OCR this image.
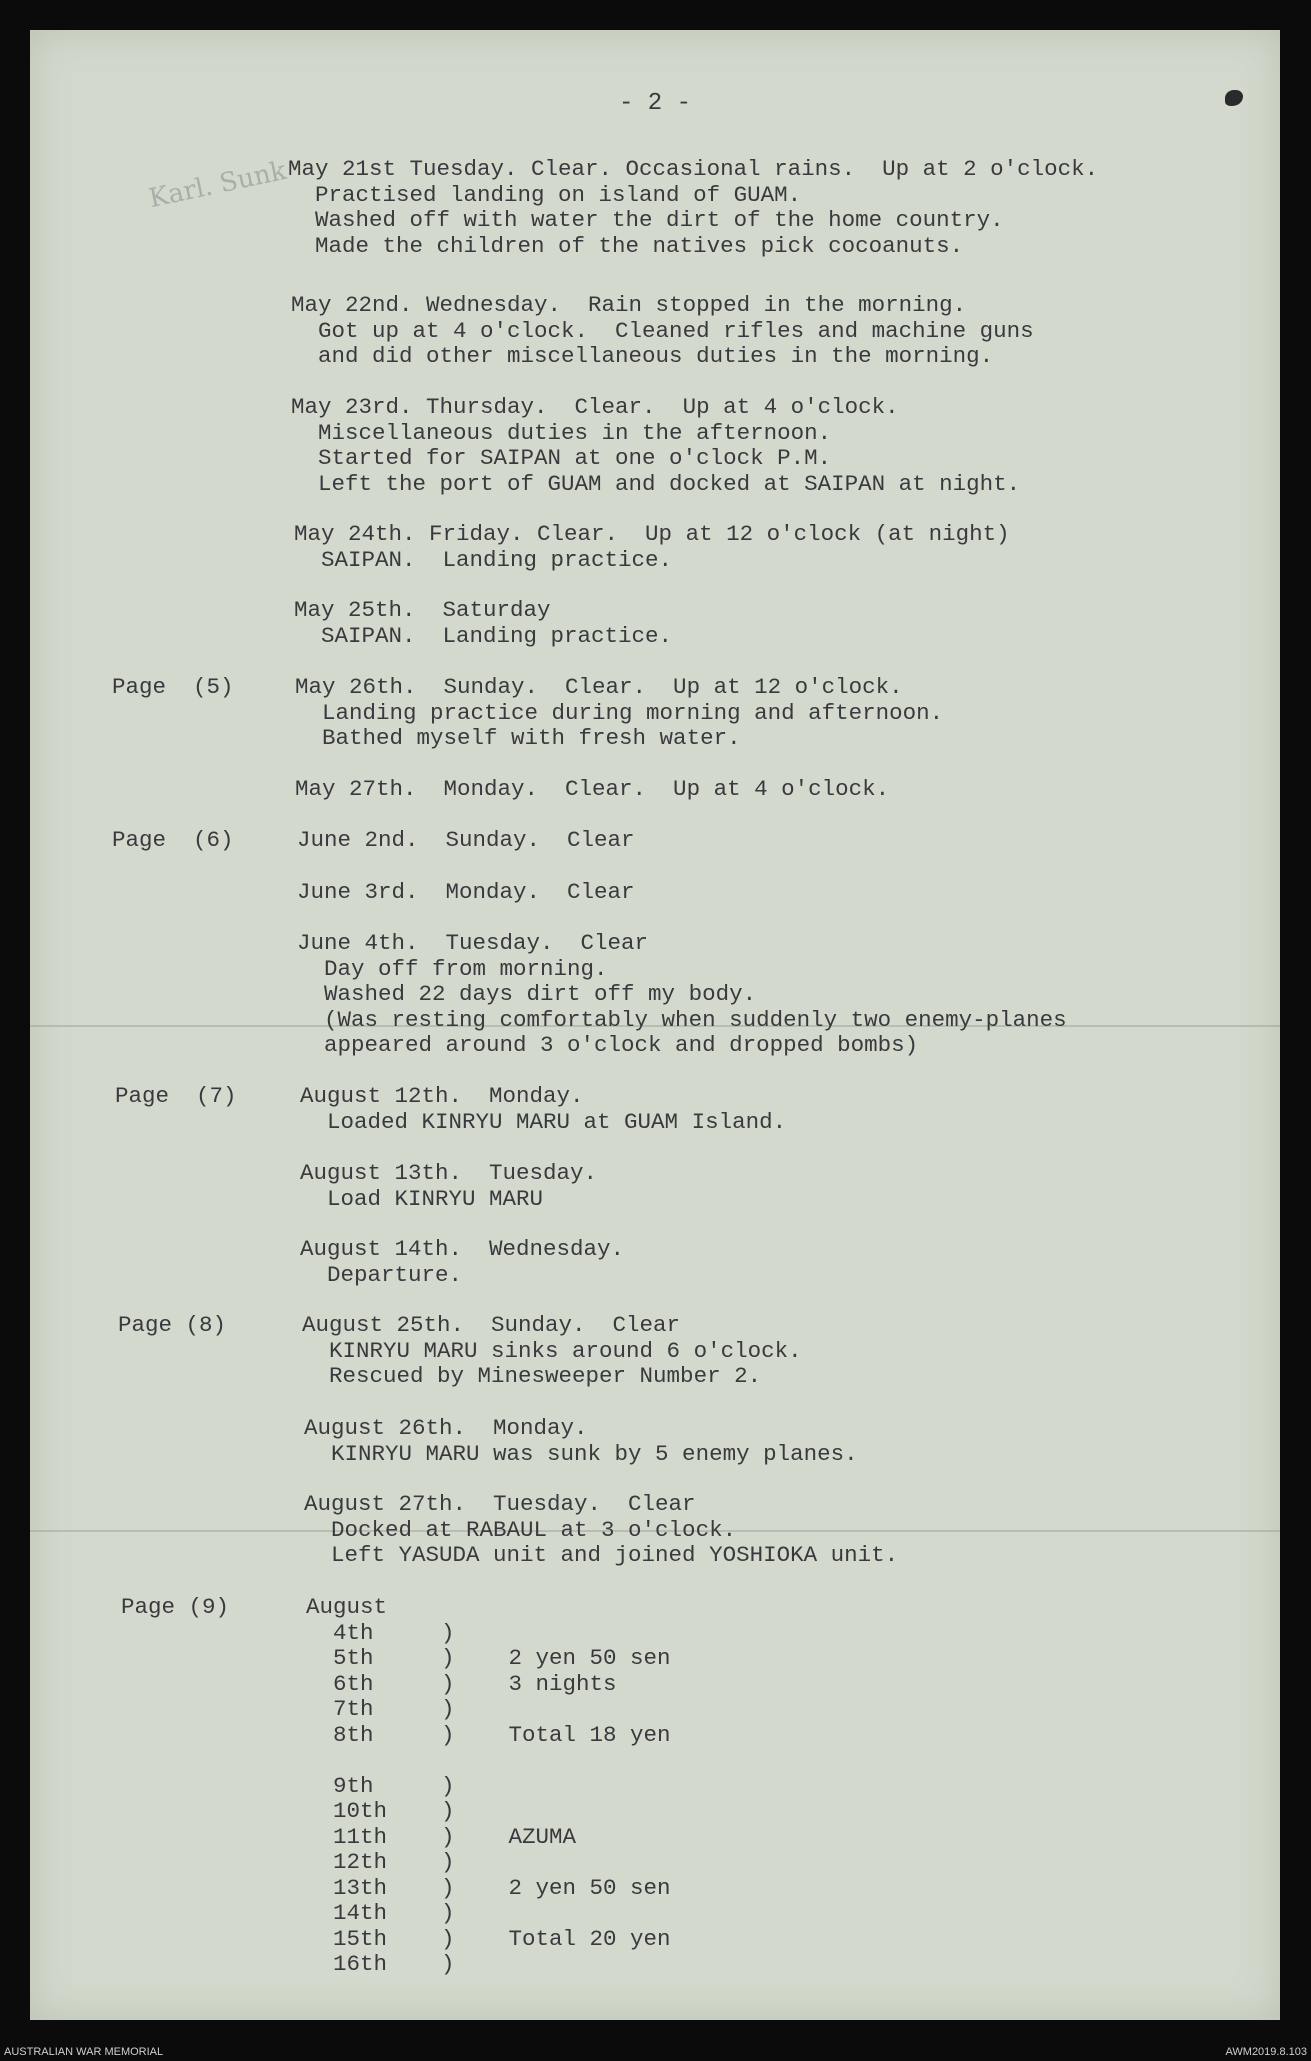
- 2 -

Karl. Sunk May 21st Tuesday. Clear. Occasional rains.  Up at 2 o'clock.
Practised landing on island of GUAM.
Washed off with water the dirt of the home country.
Made the children of the natives pick cocoanuts.

May 22nd. Wednesday.  Rain stopped in the morning.
Got up at 4 o'clock.  Cleaned rifles and machine guns
and did other miscellaneous duties in the morning.

May 23rd. Thursday.  Clear.  Up at 4 o'clock.
Miscellaneous duties in the afternoon.
Started for SAIPAN at one o'clock P.M.
Left the port of GUAM and docked at SAIPAN at night.

May 24th. Friday. Clear.  Up at 12 o'clock (at night)
SAIPAN.  Landing practice.

May 25th.  Saturday
SAIPAN.  Landing practice.

Page  (5)	May 26th.  Sunday.  Clear.  Up at 12 o'clock.
Landing practice during morning and afternoon.
Bathed myself with fresh water.

May 27th.  Monday.  Clear.  Up at 4 o'clock.

Page  (6)	June 2nd.  Sunday.  Clear

June 3rd.  Monday.  Clear

June 4th.  Tuesday.  Clear
Day off from morning.
Washed 22 days dirt off my body.
(Was resting comfortably when suddenly two enemy-planes
appeared around 3 o'clock and dropped bombs)

Page  (7)	August 12th.  Monday.
Loaded KINRYU MARU at GUAM Island.

August 13th.  Tuesday.
Load KINRYU MARU

August 14th.  Wednesday.
Departure.

Page (8)	August 25th.  Sunday.  Clear
KINRYU MARU sinks around 6 o'clock.
Rescued by Minesweeper Number 2.

August 26th.  Monday.
KINRYU MARU was sunk by 5 enemy planes.

August 27th.  Tuesday.  Clear
Docked at RABAUL at 3 o'clock.
Left YASUDA unit and joined YOSHIOKA unit.

Page (9)	August
4th     )
5th     )    2 yen 50 sen
6th     )    3 nights
7th     )
8th     )    Total 18 yen

9th     )
10th    )
11th    )    AZUMA
12th    )
13th    )    2 yen 50 sen
14th    )
15th    )    Total 20 yen
16th    )

AUSTRALIAN WAR MEMORIAL	AWM2019.8.103
